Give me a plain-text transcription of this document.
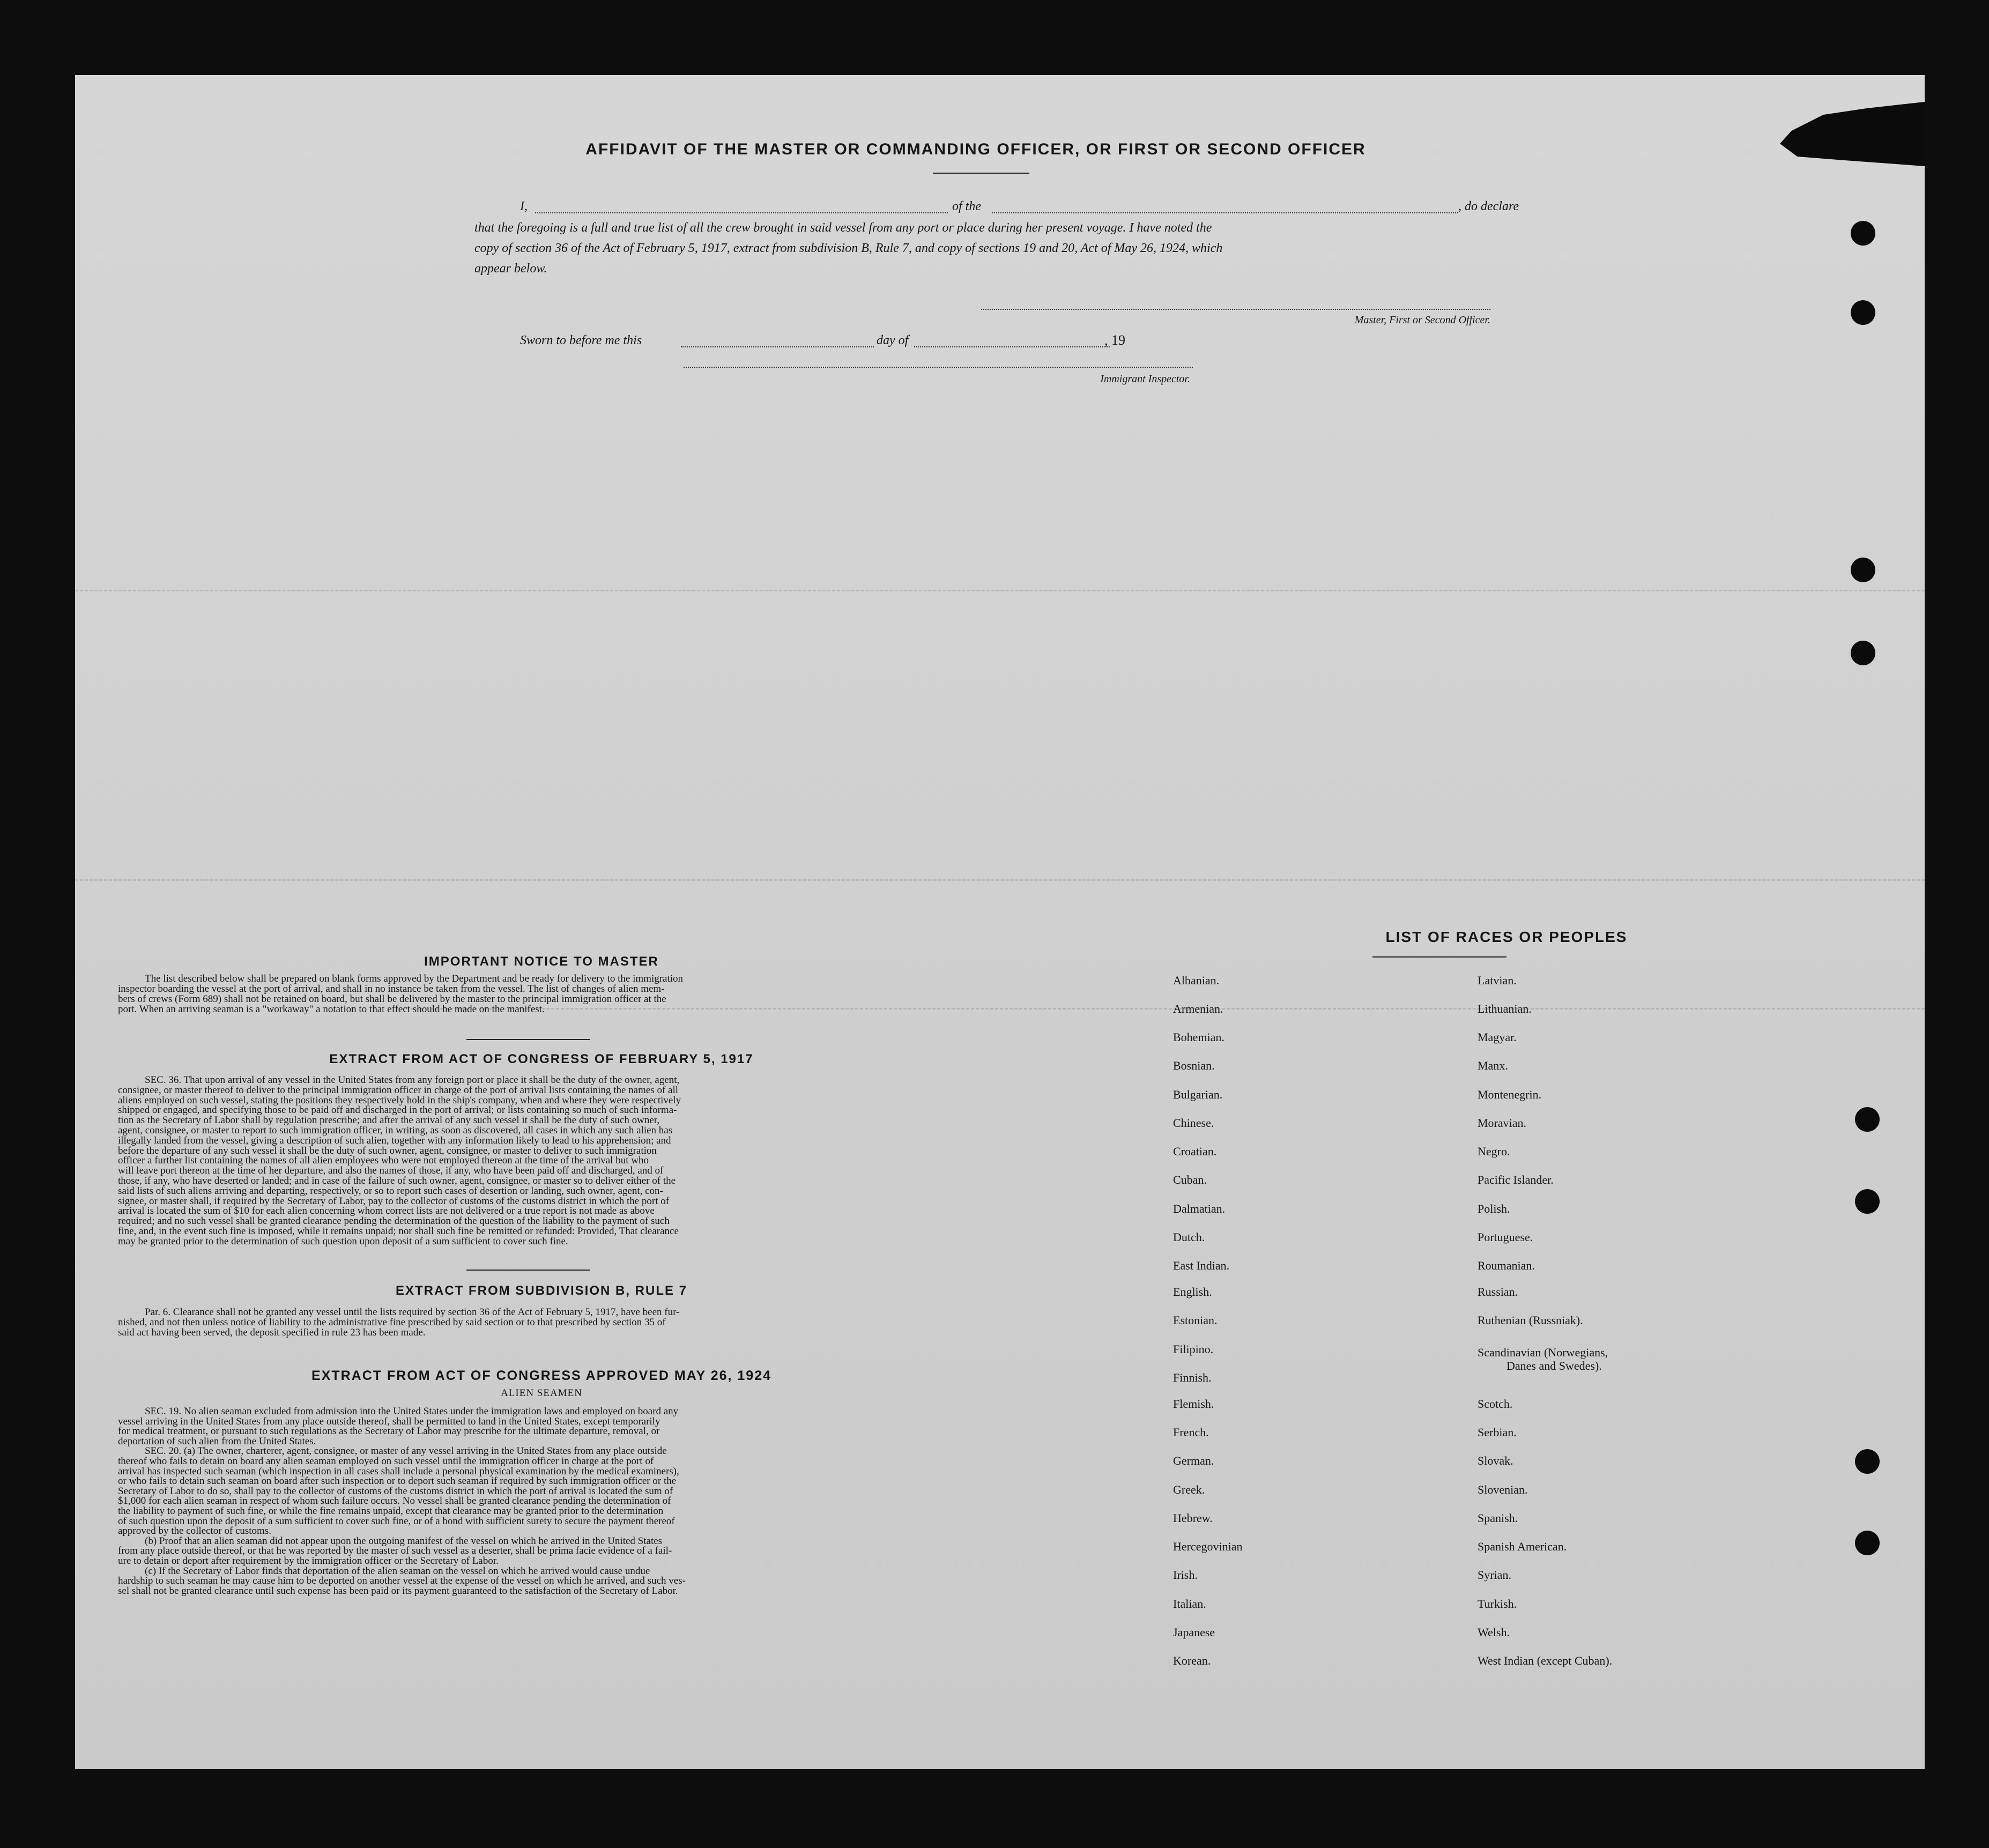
AFFIDAVIT OF THE MASTER OR COMMANDING OFFICER, OR FIRST OR SECOND OFFICER
I,	of the	, do declare
that the foregoing is a full and true list of all the crew brought in said vessel from any port or place during her present voyage. I have noted the
copy of section 36 of the Act of February 5, 1917, extract from subdivision B, Rule 7, and copy of sections 19 and 20, Act of May 26, 1924, which
appear below.
Master, First or Second Officer.
Sworn to before me this	day of	, 19
Immigrant Inspector.
IMPORTANT NOTICE TO MASTER
The list described below shall be prepared on blank forms approved by the Department and be ready for delivery to the immigration
inspector boarding the vessel at the port of arrival, and shall in no instance be taken from the vessel. The list of changes of alien mem-
bers of crews (Form 689) shall not be retained on board, but shall be delivered by the master to the principal immigration officer at the
port. When an arriving seaman is a "workaway" a notation to that effect should be made on the manifest.
EXTRACT FROM ACT OF CONGRESS OF FEBRUARY 5, 1917
SEC. 36. That upon arrival of any vessel in the United States from any foreign port or place it shall be the duty of the owner, agent,
consignee, or master thereof to deliver to the principal immigration officer in charge of the port of arrival lists containing the names of all
aliens employed on such vessel, stating the positions they respectively hold in the ship's company, when and where they were respectively
shipped or engaged, and specifying those to be paid off and discharged in the port of arrival; or lists containing so much of such informa-
tion as the Secretary of Labor shall by regulation prescribe; and after the arrival of any such vessel it shall be the duty of such owner,
agent, consignee, or master to report to such immigration officer, in writing, as soon as discovered, all cases in which any such alien has
illegally landed from the vessel, giving a description of such alien, together with any information likely to lead to his apprehension; and
before the departure of any such vessel it shall be the duty of such owner, agent, consignee, or master to deliver to such immigration
officer a further list containing the names of all alien employees who were not employed thereon at the time of the arrival but who
will leave port thereon at the time of her departure, and also the names of those, if any, who have been paid off and discharged, and of
those, if any, who have deserted or landed; and in case of the failure of such owner, agent, consignee, or master so to deliver either of the
said lists of such aliens arriving and departing, respectively, or so to report such cases of desertion or landing, such owner, agent, con-
signee, or master shall, if required by the Secretary of Labor, pay to the collector of customs of the customs district in which the port of
arrival is located the sum of $10 for each alien concerning whom correct lists are not delivered or a true report is not made as above
required; and no such vessel shall be granted clearance pending the determination of the question of the liability to the payment of such
fine, and, in the event such fine is imposed, while it remains unpaid; nor shall such fine be remitted or refunded: Provided, That clearance
may be granted prior to the determination of such question upon deposit of a sum sufficient to cover such fine.
EXTRACT FROM SUBDIVISION B, RULE 7
Par. 6. Clearance shall not be granted any vessel until the lists required by section 36 of the Act of February 5, 1917, have been fur-
nished, and not then unless notice of liability to the administrative fine prescribed by said section or to that prescribed by section 35 of
said act having been served, the deposit specified in rule 23 has been made.
EXTRACT FROM ACT OF CONGRESS APPROVED MAY 26, 1924
ALIEN SEAMEN
SEC. 19. No alien seaman excluded from admission into the United States under the immigration laws and employed on board any
vessel arriving in the United States from any place outside thereof, shall be permitted to land in the United States, except temporarily
for medical treatment, or pursuant to such regulations as the Secretary of Labor may prescribe for the ultimate departure, removal, or
deportation of such alien from the United States.
SEC. 20. (a) The owner, charterer, agent, consignee, or master of any vessel arriving in the United States from any place outside
thereof who fails to detain on board any alien seaman employed on such vessel until the immigration officer in charge at the port of
arrival has inspected such seaman (which inspection in all cases shall include a personal physical examination by the medical examiners),
or who fails to detain such seaman on board after such inspection or to deport such seaman if required by such immigration officer or the
Secretary of Labor to do so, shall pay to the collector of customs of the customs district in which the port of arrival is located the sum of
$1,000 for each alien seaman in respect of whom such failure occurs. No vessel shall be granted clearance pending the determination of
the liability to payment of such fine, or while the fine remains unpaid, except that clearance may be granted prior to the determination
of such question upon the deposit of a sum sufficient to cover such fine, or of a bond with sufficient surety to secure the payment thereof
approved by the collector of customs.
(b) Proof that an alien seaman did not appear upon the outgoing manifest of the vessel on which he arrived in the United States
from any place outside thereof, or that he was reported by the master of such vessel as a deserter, shall be prima facie evidence of a fail-
ure to detain or deport after requirement by the immigration officer or the Secretary of Labor.
(c) If the Secretary of Labor finds that deportation of the alien seaman on the vessel on which he arrived would cause undue
hardship to such seaman he may cause him to be deported on another vessel at the expense of the vessel on which he arrived, and such ves-
sel shall not be granted clearance until such expense has been paid or its payment guaranteed to the satisfaction of the Secretary of Labor.
LIST OF RACES OR PEOPLES
Albanian.
Armenian.
Bohemian.
Bosnian.
Bulgarian.
Chinese.
Croatian.
Cuban.
Dalmatian.
Dutch.
East Indian.
English.
Estonian.
Filipino.
Finnish.
Flemish.
French.
German.
Greek.
Hebrew.
Hercegovinian
Irish.
Italian.
Japanese
Korean.
Latvian.
Lithuanian.
Magyar.
Manx.
Montenegrin.
Moravian.
Negro.
Pacific Islander.
Polish.
Portuguese.
Roumanian.
Russian.
Ruthenian (Russniak).
Scandinavian (Norwegians,
Danes and Swedes).
Scotch.
Serbian.
Slovak.
Slovenian.
Spanish.
Spanish American.
Syrian.
Turkish.
Welsh.
West Indian (except Cuban).
